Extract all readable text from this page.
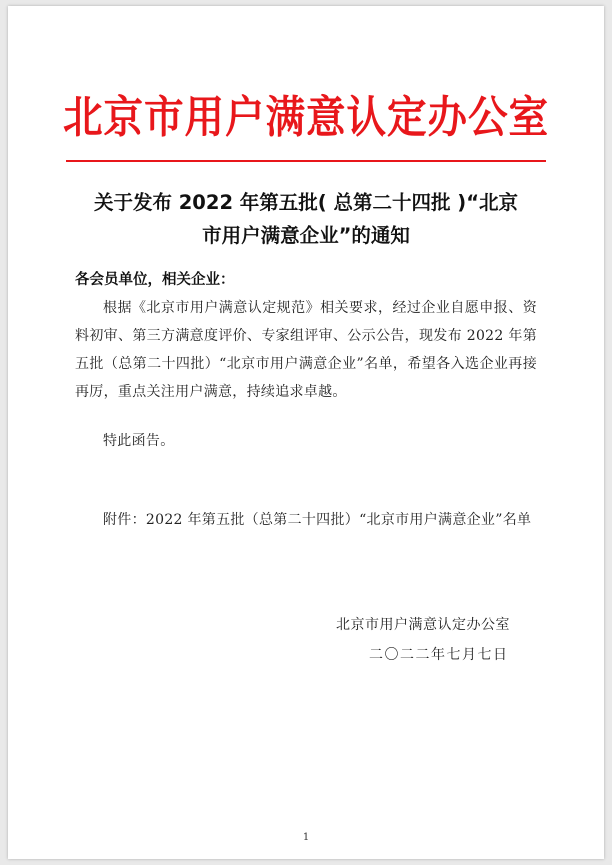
北京市用户满意认定办公室
关于发布 2022 年第五批( 总第二十四批 )“北京
市用户满意企业”的通知
各会员单位，相关企业：
根据《北京市用户满意认定规范》相关要求，经过企业自愿申报、资料初审、第三方满意度评价、专家组评审、公示公告，现发布 2022 年第五批（总第二十四批）“北京市用户满意企业”名单，希望各入选企业再接再厉，重点关注用户满意，持续追求卓越。
特此函告。
附件：2022 年第五批（总第二十四批）“北京市用户满意企业”名单
北京市用户满意认定办公室
二〇二二年七月七日
1
